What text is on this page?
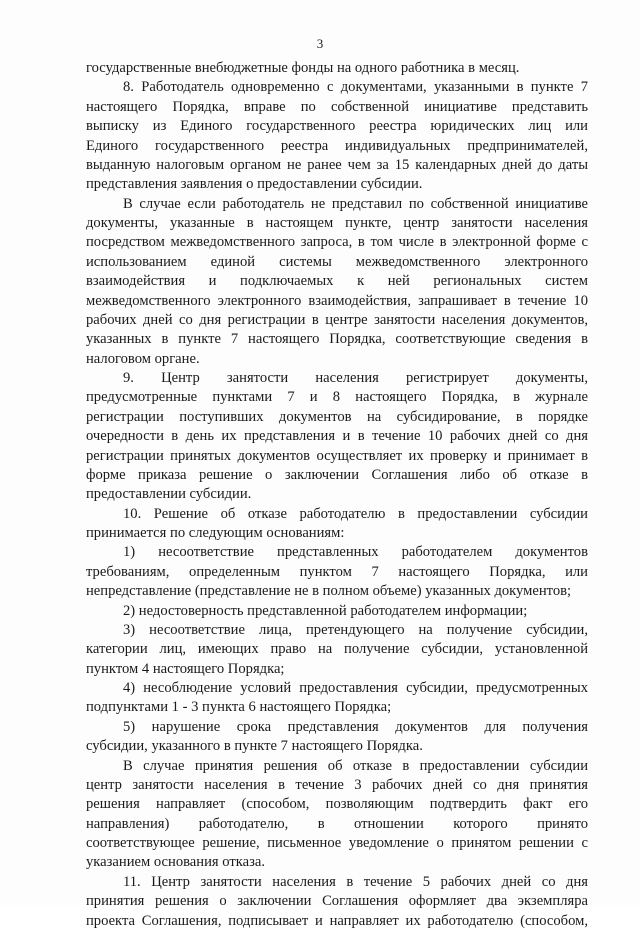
3
государственные внебюджетные фонды на одного работника в месяц.
8. Работодатель одновременно с документами, указанными в пункте 7
настоящего Порядка, вправе по собственной инициативе представить
выписку из Единого государственного реестра юридических лиц или
Единого государственного реестра индивидуальных предпринимателей,
выданную налоговым органом не ранее чем за 15 календарных дней до даты
представления заявления о предоставлении субсидии.
В случае если работодатель не представил по собственной инициативе
документы, указанные в настоящем пункте, центр занятости населения
посредством межведомственного запроса, в том числе в электронной форме с
использованием единой системы межведомственного электронного
взаимодействия и подключаемых к ней региональных систем
межведомственного электронного взаимодействия, запрашивает в течение 10
рабочих дней со дня регистрации в центре занятости населения документов,
указанных в пункте 7 настоящего Порядка, соответствующие сведения в
налоговом органе.
9. Центр занятости населения регистрирует документы,
предусмотренные пунктами 7 и 8 настоящего Порядка, в журнале
регистрации поступивших документов на субсидирование, в порядке
очередности в день их представления и в течение 10 рабочих дней со дня
регистрации принятых документов осуществляет их проверку и принимает в
форме приказа решение о заключении Соглашения либо об отказе в
предоставлении субсидии.
10. Решение об отказе работодателю в предоставлении субсидии
принимается по следующим основаниям:
1) несоответствие представленных работодателем документов
требованиям, определенным пунктом 7 настоящего Порядка, или
непредставление (представление не в полном объеме) указанных документов;
2) недостоверность представленной работодателем информации;
3) несоответствие лица, претендующего на получение субсидии,
категории лиц, имеющих право на получение субсидии, установленной
пунктом 4 настоящего Порядка;
4) несоблюдение условий предоставления субсидии, предусмотренных
подпунктами 1 - 3 пункта 6 настоящего Порядка;
5) нарушение срока представления документов для получения
субсидии, указанного в пункте 7 настоящего Порядка.
В случае принятия решения об отказе в предоставлении субсидии
центр занятости населения в течение 3 рабочих дней со дня принятия
решения направляет (способом, позволяющим подтвердить факт его
направления) работодателю, в отношении которого принято
соответствующее решение, письменное уведомление о принятом решении с
указанием основания отказа.
11. Центр занятости населения в течение 5 рабочих дней со дня
принятия решения о заключении Соглашения оформляет два экземпляра
проекта Соглашения, подписывает и направляет их работодателю (способом,
